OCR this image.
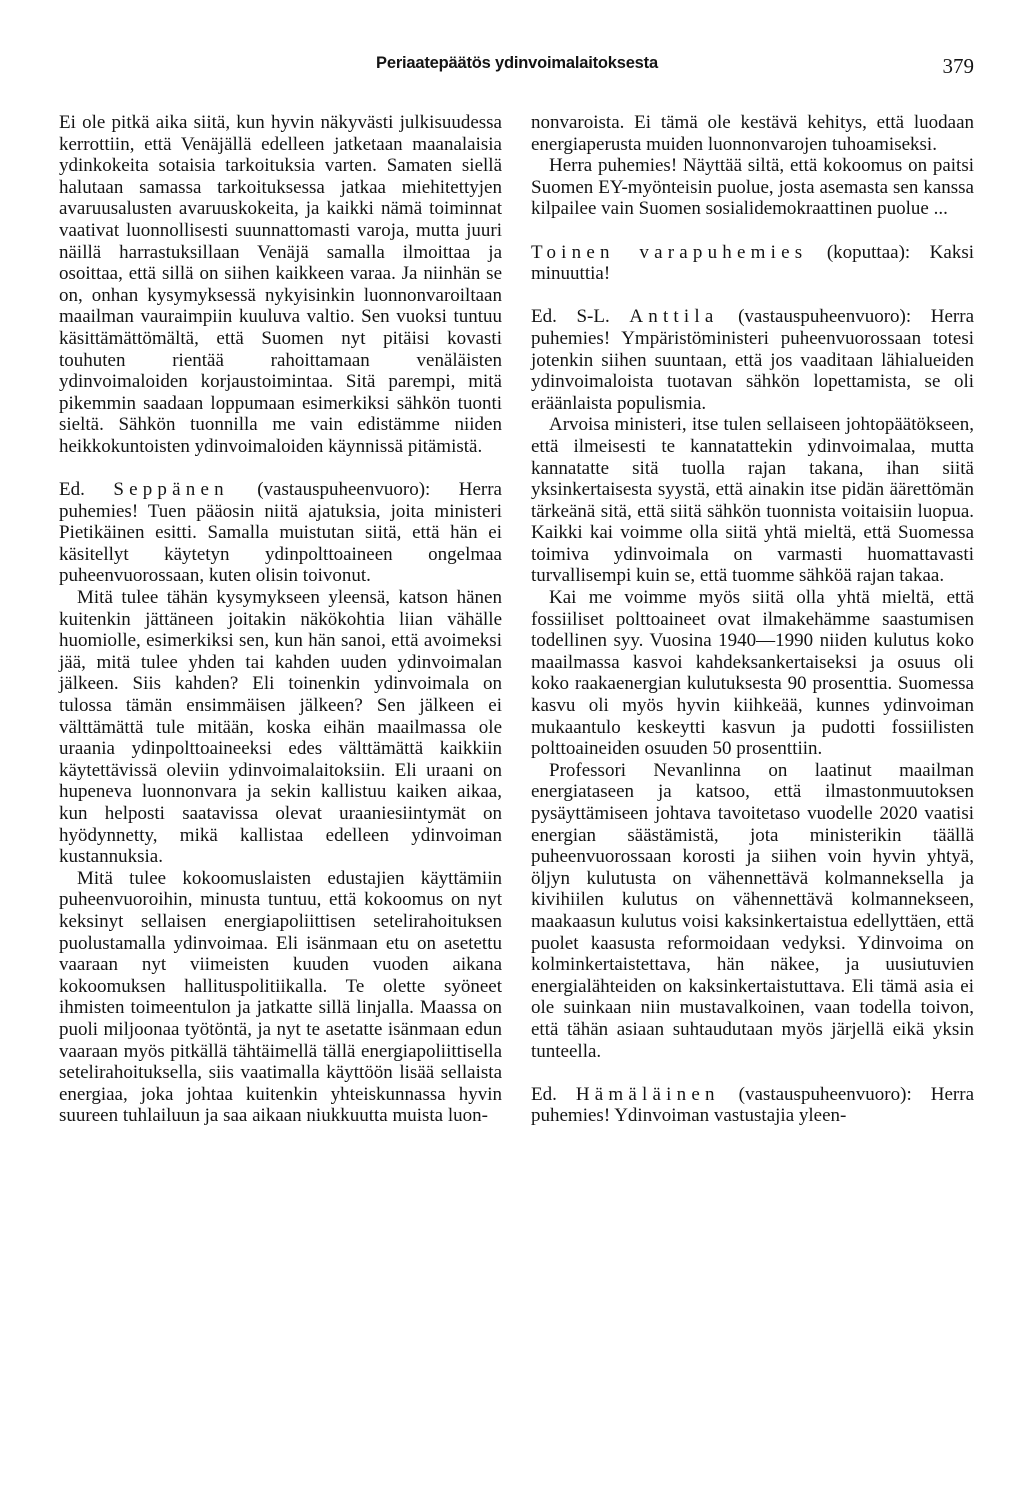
Periaatepäätös ydinvoimalaitoksesta	379

Ei ole pitkä aika siitä, kun hyvin näkyvästi julkisuudessa kerrottiin, että Venäjällä edelleen jatketaan maanalaisia ydinkokeita sotaisia tarkoituksia varten. Samaten siellä halutaan samassa tarkoituksessa jatkaa miehitettyjen avaruusalusten avaruuskokeita, ja kaikki nämä toiminnat vaativat luonnollisesti suunnattomasti varoja, mutta juuri näillä harrastuksillaan Venäjä samalla ilmoittaa ja osoittaa, että sillä on siihen kaikkeen varaa. Ja niinhän se on, onhan kysymyksessä nykyisinkin luonnonvaroiltaan maailman vauraimpiin kuuluva valtio. Sen vuoksi tuntuu käsittämättömältä, että Suomen nyt pitäisi kovasti touhuten rientää rahoittamaan venäläisten ydinvoimaloiden korjaustoimintaa. Sitä parempi, mitä pikemmin saadaan loppumaan esimerkiksi sähkön tuonti sieltä. Sähkön tuonnilla me vain edistämme niiden heikkokuntoisten ydinvoimaloiden käynnissä pitämistä.

Ed. Seppänen (vastauspuheenvuoro): Herra puhemies! Tuen pääosin niitä ajatuksia, joita ministeri Pietikäinen esitti. Samalla muistutan siitä, että hän ei käsitellyt käytetyn ydinpolttoaineen ongelmaa puheenvuorossaan, kuten olisin toivonut.

Mitä tulee tähän kysymykseen yleensä, katson hänen kuitenkin jättäneen joitakin näkökohtia liian vähälle huomiolle, esimerkiksi sen, kun hän sanoi, että avoimeksi jää, mitä tulee yhden tai kahden uuden ydinvoimalan jälkeen. Siis kahden? Eli toinenkin ydinvoimala on tulossa tämän ensimmäisen jälkeen? Sen jälkeen ei välttämättä tule mitään, koska eihän maailmassa ole uraania ydinpolttoaineeksi edes välttämättä kaikkiin käytettävissä oleviin ydinvoimalaitoksiin. Eli uraani on hupeneva luonnonvara ja sekin kallistuu kaiken aikaa, kun helposti saatavissa olevat uraaniesiintymät on hyödynnetty, mikä kallistaa edelleen ydinvoiman kustannuksia.

Mitä tulee kokoomuslaisten edustajien käyttämiin puheenvuoroihin, minusta tuntuu, että kokoomus on nyt keksinyt sellaisen energiapoliittisen setelirahoituksen puolustamalla ydinvoimaa. Eli isänmaan etu on asetettu vaaraan nyt viimeisten kuuden vuoden aikana kokoomuksen hallituspolitiikalla. Te olette syöneet ihmisten toimeentulon ja jatkatte sillä linjalla. Maassa on puoli miljoonaa työtöntä, ja nyt te asetatte isänmaan edun vaaraan myös pitkällä tähtäimellä tällä energiapoliittisella setelirahoituksella, siis vaatimalla käyttöön lisää sellaista energiaa, joka johtaa kuitenkin yhteiskunnassa hyvin suureen tuhlailuun ja saa aikaan niukkuutta muista luon-

nonvaroista. Ei tämä ole kestävä kehitys, että luodaan energiaperusta muiden luonnonvarojen tuhoamiseksi.

Herra puhemies! Näyttää siltä, että kokoomus on paitsi Suomen EY-myönteisin puolue, josta asemasta sen kanssa kilpailee vain Suomen sosialidemokraattinen puolue ...

Toinen varapuhemies (koputtaa): Kaksi minuuttia!

Ed. S-L. Anttila (vastauspuheenvuoro): Herra puhemies! Ympäristöministeri puheenvuorossaan totesi jotenkin siihen suuntaan, että jos vaaditaan lähialueiden ydinvoimaloista tuotavan sähkön lopettamista, se oli eräänlaista populismia.

Arvoisa ministeri, itse tulen sellaiseen johtopäätökseen, että ilmeisesti te kannatattekin ydinvoimalaa, mutta kannatatte sitä tuolla rajan takana, ihan siitä yksinkertaisesta syystä, että ainakin itse pidän äärettömän tärkeänä sitä, että siitä sähkön tuonnista voitaisiin luopua. Kaikki kai voimme olla siitä yhtä mieltä, että Suomessa toimiva ydinvoimala on varmasti huomattavasti turvallisempi kuin se, että tuomme sähköä rajan takaa.

Kai me voimme myös siitä olla yhtä mieltä, että fossiiliset polttoaineet ovat ilmakehämme saastumisen todellinen syy. Vuosina 1940—1990 niiden kulutus koko maailmassa kasvoi kahdeksankertaiseksi ja osuus oli koko raakaenergian kulutuksesta 90 prosenttia. Suomessa kasvu oli myös hyvin kiihkeää, kunnes ydinvoiman mukaantulo keskeytti kasvun ja pudotti fossiilisten polttoaineiden osuuden 50 prosenttiin.

Professori Nevanlinna on laatinut maailman energiataseen ja katsoo, että ilmastonmuutoksen pysäyttämiseen johtava tavoitetaso vuodelle 2020 vaatisi energian säästämistä, jota ministerikin täällä puheenvuorossaan korosti ja siihen voin hyvin yhtyä, öljyn kulutusta on vähennettävä kolmanneksella ja kivihiilen kulutus on vähennettävä kolmannekseen, maakaasun kulutus voisi kaksinkertaistua edellyttäen, että puolet kaasusta reformoidaan vedyksi. Ydinvoima on kolminkertaistettava, hän näkee, ja uusiutuvien energialähteiden on kaksinkertaistuttava. Eli tämä asia ei ole suinkaan niin mustavalkoinen, vaan todella toivon, että tähän asiaan suhtaudutaan myös järjellä eikä yksin tunteella.

Ed. Hämäläinen (vastauspuheenvuoro): Herra puhemies! Ydinvoiman vastustajia yleen-
